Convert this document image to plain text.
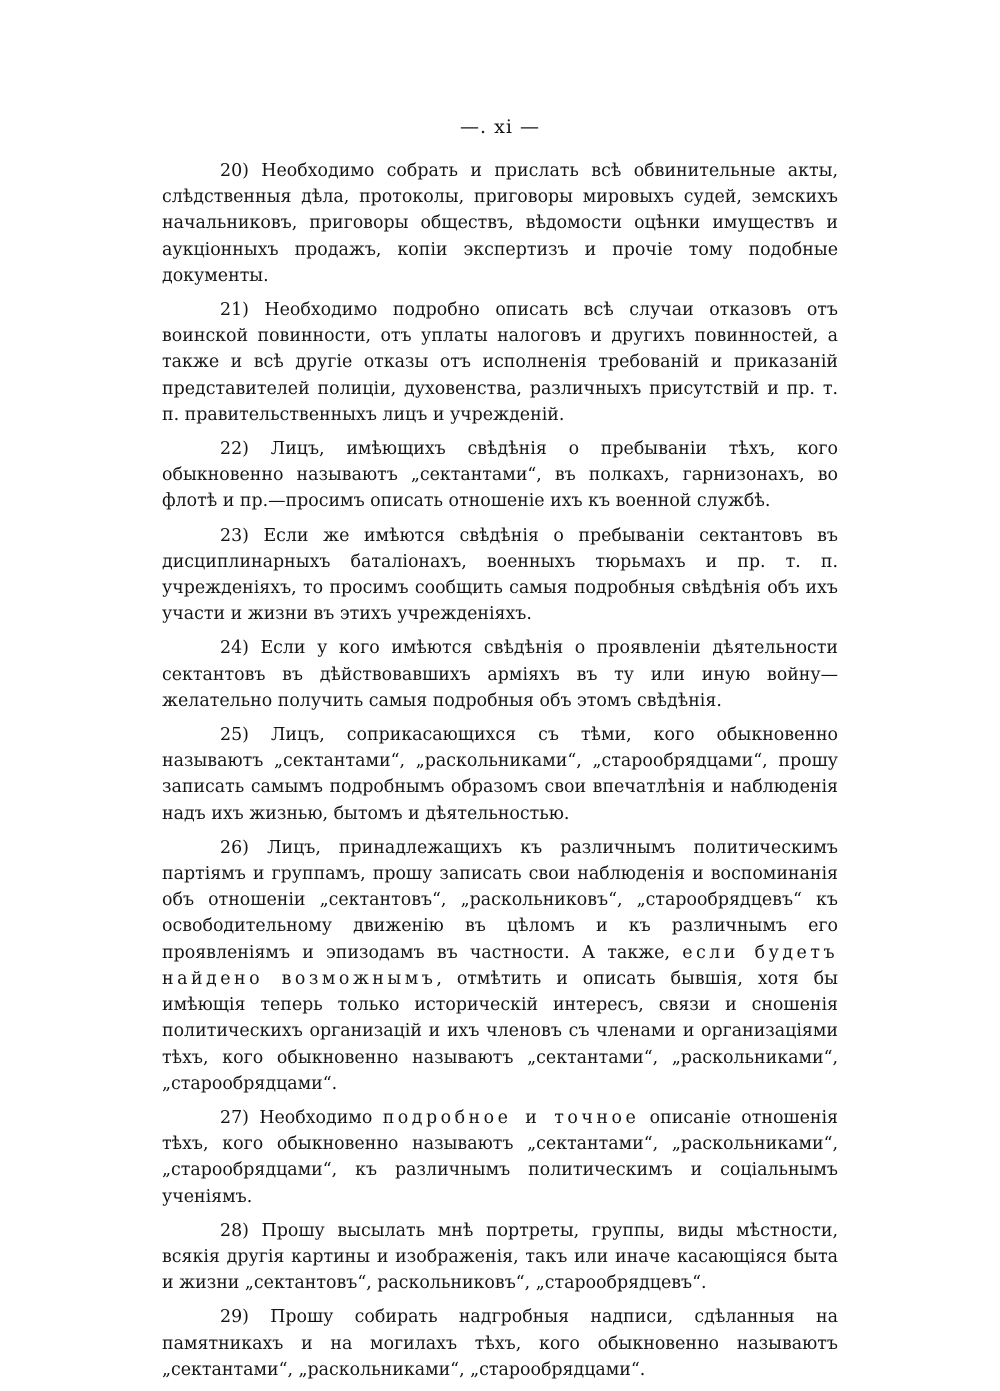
—. xi —

20) Необходимо собрать и прислать всѣ обвинительные акты, слѣдственныя дѣла, протоколы, приговоры мировыхъ судей, земскихъ начальниковъ, приговоры обществъ, вѣдомости оцѣнки имуществъ и аукціонныхъ продажъ, копіи экспертизъ и прочіе тому подобные документы.

21) Необходимо подробно описать всѣ случаи отказовъ отъ воинской повинности, отъ уплаты налоговъ и другихъ повинностей, а также и всѣ другіе отказы отъ исполненія требованій и приказаній представителей полиціи, духовенства, различныхъ присутствій и пр. т. п. правительственныхъ лицъ и учрежденій.

22) Лицъ, имѣющихъ свѣдѣнія о пребываніи тѣхъ, кого обыкновенно называютъ „сектантами“, въ полкахъ, гарнизонахъ, во флотѣ и пр.—просимъ описать отношеніе ихъ къ военной службѣ.

23) Если же имѣются свѣдѣнія о пребываніи сектантовъ въ дисциплинарныхъ баталіонахъ, военныхъ тюрьмахъ и пр. т. п. учрежденіяхъ, то просимъ сообщить самыя подробныя свѣдѣнія объ ихъ участи и жизни въ этихъ учрежденіяхъ.

24) Если у кого имѣются свѣдѣнія о проявленіи дѣятельности сектантовъ въ дѣйствовавшихъ арміяхъ въ ту или иную войну—желательно получить самыя подробныя объ этомъ свѣдѣнія.

25) Лицъ, соприкасающихся съ тѣми, кого обыкновенно называютъ „сектантами“, „раскольниками“, „старообрядцами“, прошу записать самымъ подробнымъ образомъ свои впечатлѣнія и наблюденія надъ ихъ жизнью, бытомъ и дѣятельностью.

26) Лицъ, принадлежащихъ къ различнымъ политическимъ партіямъ и группамъ, прошу записать свои наблюденія и воспоминанія объ отношеніи „сектантовъ“, „раскольниковъ“, „старообрядцевъ“ къ освободительному движенію въ цѣломъ и къ различнымъ его проявленіямъ и эпизодамъ въ частности. А также, если будетъ найдено возможнымъ, отмѣтить и описать бывшія, хотя бы имѣющія теперь только историческій интересъ, связи и сношенія политическихъ организацій и ихъ членовъ съ членами и организаціями тѣхъ, кого обыкновенно называютъ „сектантами“, „раскольниками“, „старообрядцами“.

27) Необходимо подробное и точное описаніе отношенія тѣхъ, кого обыкновенно называютъ „сектантами“, „раскольниками“, „старообрядцами“, къ различнымъ политическимъ и соціальнымъ ученіямъ.

28) Прошу высылать мнѣ портреты, группы, виды мѣстности, всякія другія картины и изображенія, такъ или иначе касающіяся быта и жизни „сектантовъ“, раскольниковъ“, „старообрядцевъ“.

29) Прошу собирать надгробныя надписи, сдѣланныя на памятникахъ и на могилахъ тѣхъ, кого обыкновенно называютъ „сектантами“, „раскольниками“, „старообрядцами“.
